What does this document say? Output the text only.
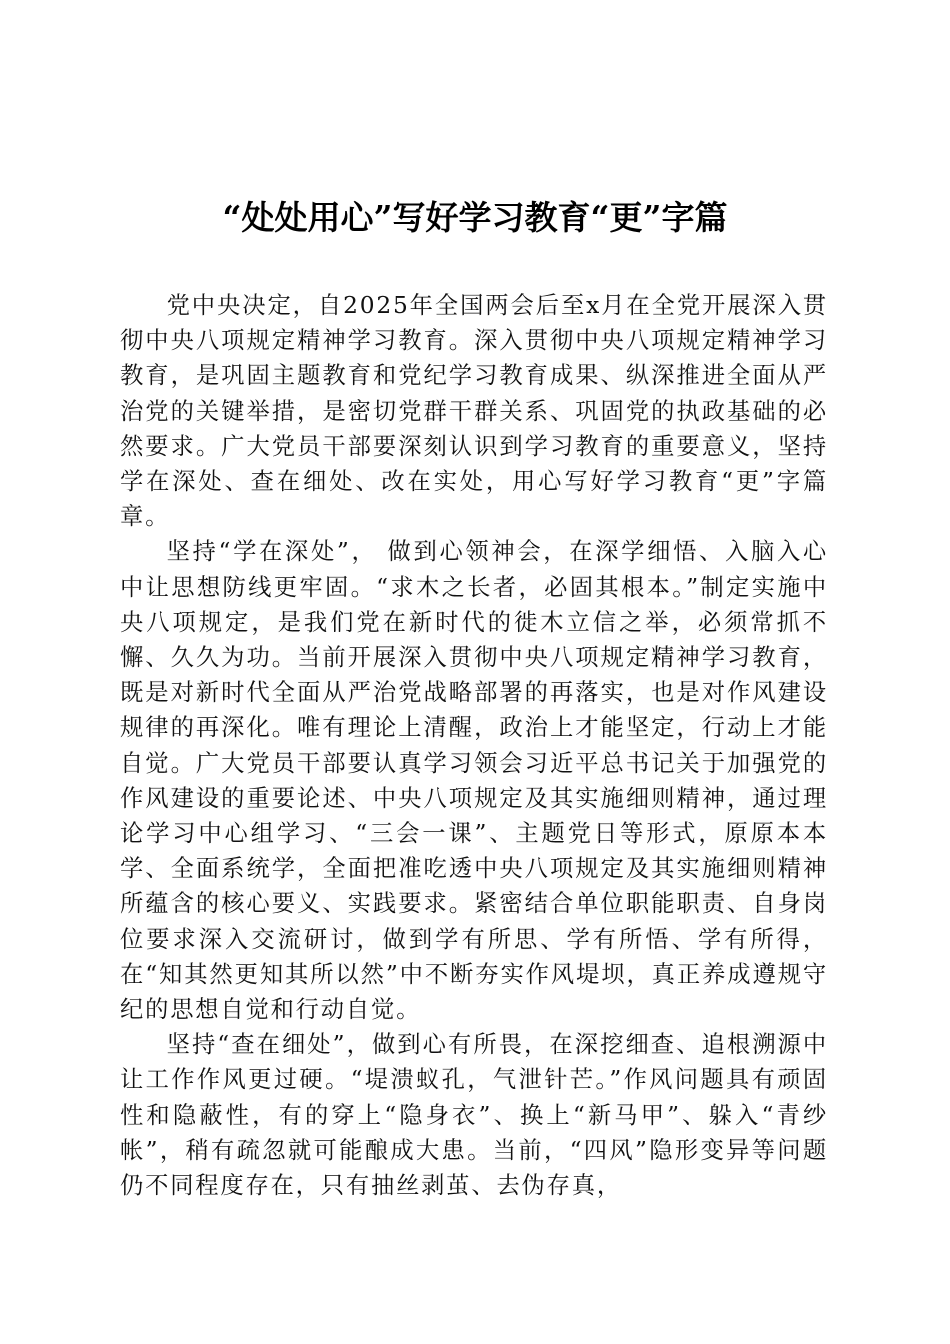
“处处用心”写好学习教育“更”字篇

党中央决定，自2025年全国两会后至x月在全党开展深入贯彻中央八项规定精神学习教育。深入贯彻中央八项规定精神学习教育，是巩固主题教育和党纪学习教育成果、纵深推进全面从严治党的关键举措，是密切党群干群关系、巩固党的执政基础的必然要求。广大党员干部要深刻认识到学习教育的重要意义，坚持学在深处、查在细处、改在实处，用心写好学习教育“更”字篇章。

坚持“学在深处”， 做到心领神会，在深学细悟、入脑入心中让思想防线更牢固。“求木之长者，必固其根本。”制定实施中央八项规定，是我们党在新时代的徙木立信之举，必须常抓不懈、久久为功。当前开展深入贯彻中央八项规定精神学习教育，既是对新时代全面从严治党战略部署的再落实，也是对作风建设规律的再深化。唯有理论上清醒，政治上才能坚定，行动上才能自觉。广大党员干部要认真学习领会习近平总书记关于加强党的作风建设的重要论述、中央八项规定及其实施细则精神，通过理论学习中心组学习、“三会一课”、主题党日等形式，原原本本学、全面系统学，全面把准吃透中央八项规定及其实施细则精神所蕴含的核心要义、实践要求。紧密结合单位职能职责、自身岗位要求深入交流研讨，做到学有所思、学有所悟、学有所得，在“知其然更知其所以然”中不断夯实作风堤坝，真正养成遵规守纪的思想自觉和行动自觉。

坚持“查在细处”，做到心有所畏，在深挖细查、追根溯源中让工作作风更过硬。“堤溃蚁孔，气泄针芒。”作风问题具有顽固性和隐蔽性，有的穿上“隐身衣”、换上“新马甲”、躲入“青纱帐”，稍有疏忽就可能酿成大患。当前，“四风”隐形变异等问题仍不同程度存在，只有抽丝剥茧、去伪存真，
